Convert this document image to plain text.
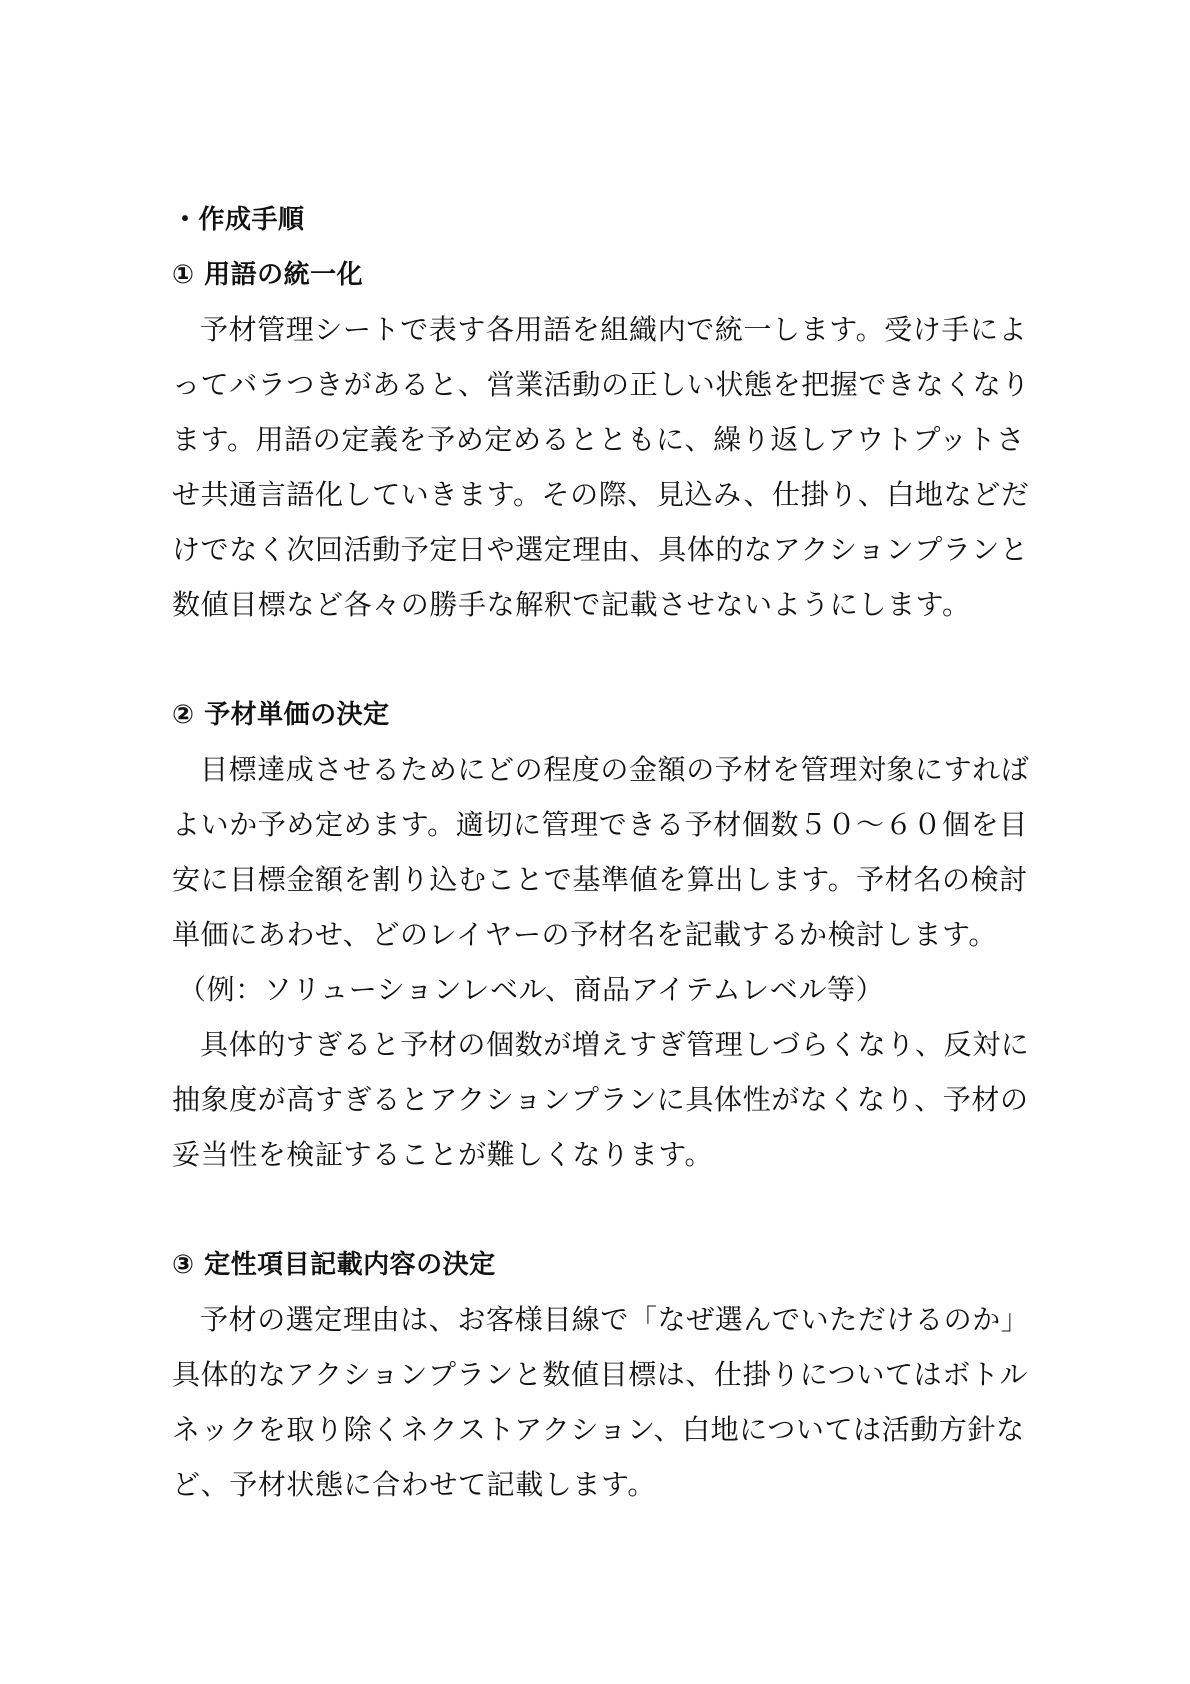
・作成手順
① 用語の統一化
予材管理シートで表す各用語を組織内で統一します。受け手によ
ってバラつきがあると、営業活動の正しい状態を把握できなくなり
ます。用語の定義を予め定めるとともに、繰り返しアウトプットさ
せ共通言語化していきます。その際、見込み、仕掛り、白地などだ
けでなく次回活動予定日や選定理由、具体的なアクションプランと
数値目標など各々の勝手な解釈で記載させないようにします。
② 予材単価の決定
目標達成させるためにどの程度の金額の予材を管理対象にすれば
よいか予め定めます。適切に管理できる予材個数５０～６０個を目
安に目標金額を割り込むことで基準値を算出します。予材名の検討
単価にあわせ、どのレイヤーの予材名を記載するか検討します。
（例：ソリューションレベル、商品アイテムレベル等）
具体的すぎると予材の個数が増えすぎ管理しづらくなり、反対に
抽象度が高すぎるとアクションプランに具体性がなくなり、予材の
妥当性を検証することが難しくなります。
③ 定性項目記載内容の決定
予材の選定理由は、お客様目線で「なぜ選んでいただけるのか」
具体的なアクションプランと数値目標は、仕掛りについてはボトル
ネックを取り除くネクストアクション、白地については活動方針な
ど、予材状態に合わせて記載します。
